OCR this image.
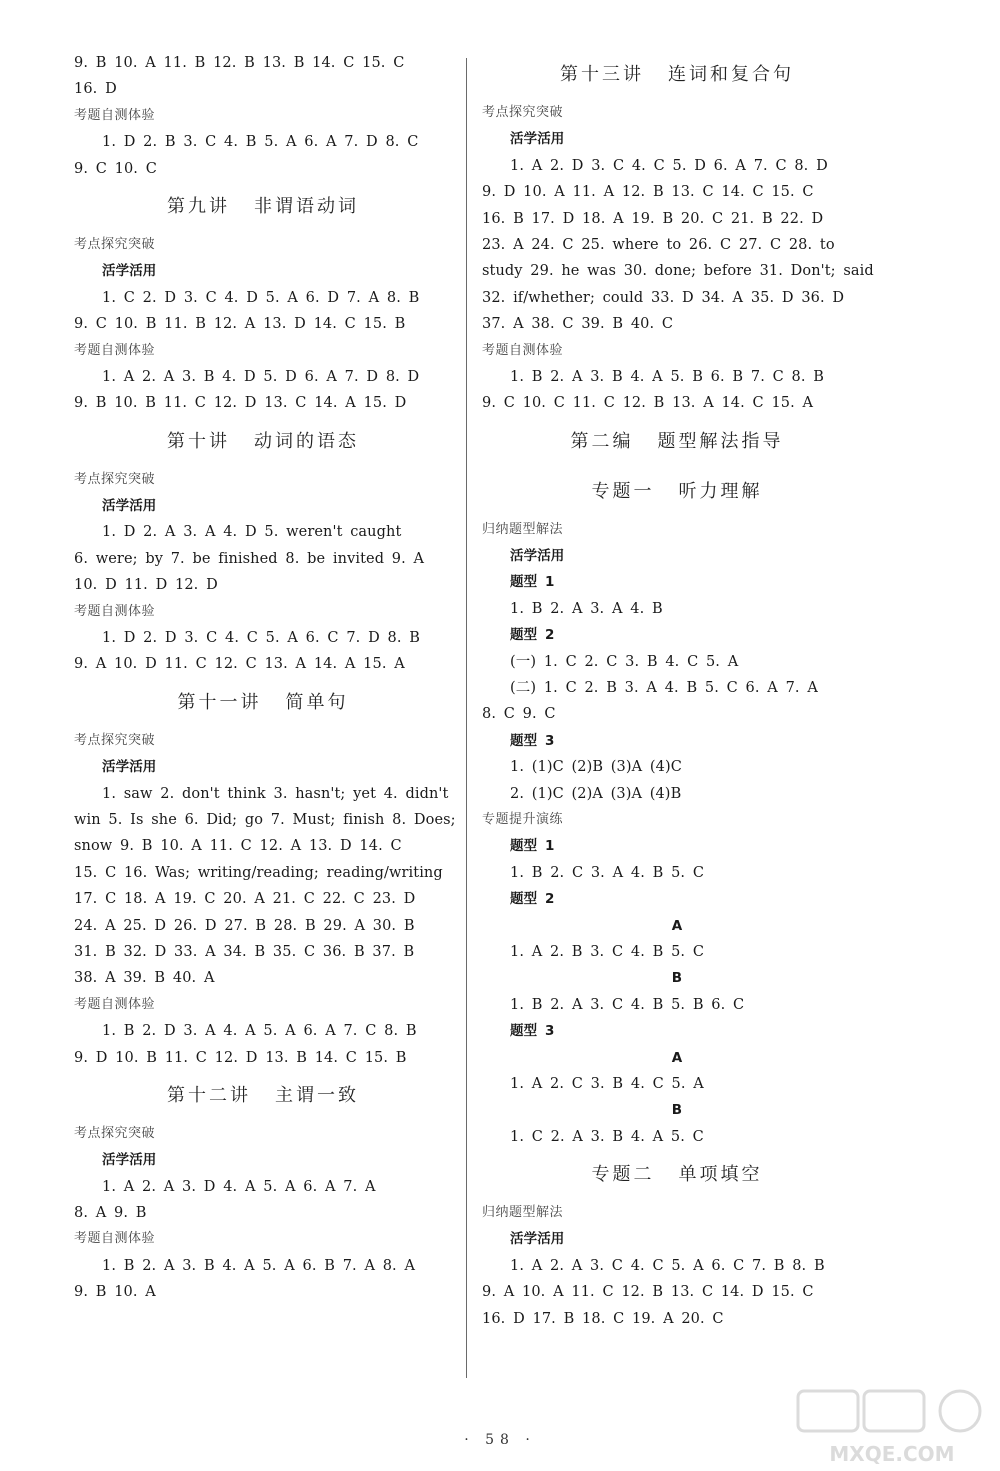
9. B 10. A 11. B 12. B 13. B 14. C 15. C
16. D
考题自测体验
1. D 2. B 3. C 4. B 5. A 6. A 7. D 8. C
9. C 10. C
第九讲 非谓语动词
考点探究突破
活学活用
1. C 2. D 3. C 4. D 5. A 6. D 7. A 8. B
9. C 10. B 11. B 12. A 13. D 14. C 15. B
考题自测体验
1. A 2. A 3. B 4. D 5. D 6. A 7. D 8. D
9. B 10. B 11. C 12. D 13. C 14. A 15. D
第十讲 动词的语态
考点探究突破
活学活用
1. D 2. A 3. A 4. D 5. weren't caught
6. were; by 7. be finished 8. be invited 9. A
10. D 11. D 12. D
考题自测体验
1. D 2. D 3. C 4. C 5. A 6. C 7. D 8. B
9. A 10. D 11. C 12. C 13. A 14. A 15. A
第十一讲 简单句
考点探究突破
活学活用
1. saw 2. don't think 3. hasn't; yet 4. didn't
win 5. Is she 6. Did; go 7. Must; finish 8. Does;
snow 9. B 10. A 11. C 12. A 13. D 14. C
15. C 16. Was; writing/reading; reading/writing
17. C 18. A 19. C 20. A 21. C 22. C 23. D
24. A 25. D 26. D 27. B 28. B 29. A 30. B
31. B 32. D 33. A 34. B 35. C 36. B 37. B
38. A 39. B 40. A
考题自测体验
1. B 2. D 3. A 4. A 5. A 6. A 7. C 8. B
9. D 10. B 11. C 12. D 13. B 14. C 15. B
第十二讲 主谓一致
考点探究突破
活学活用
1. A 2. A 3. D 4. A 5. A 6. A 7. A
8. A 9. B
考题自测体验
1. B 2. A 3. B 4. A 5. A 6. B 7. A 8. A
9. B 10. A
第十三讲 连词和复合句
考点探究突破
活学活用
1. A 2. D 3. C 4. C 5. D 6. A 7. C 8. D
9. D 10. A 11. A 12. B 13. C 14. C 15. C
16. B 17. D 18. A 19. B 20. C 21. B 22. D
23. A 24. C 25. where to 26. C 27. C 28. to
study 29. he was 30. done; before 31. Don't; said
32. if/whether; could 33. D 34. A 35. D 36. D
37. A 38. C 39. B 40. C
考题自测体验
1. B 2. A 3. B 4. A 5. B 6. B 7. C 8. B
9. C 10. C 11. C 12. B 13. A 14. C 15. A
第二编 题型解法指导
专题一 听力理解
归纳题型解法
活学活用
题型 1
1. B 2. A 3. A 4. B
题型 2
(一) 1. C 2. C 3. B 4. C 5. A
(二) 1. C 2. B 3. A 4. B 5. C 6. A 7. A
8. C 9. C
题型 3
1. (1)C (2)B (3)A (4)C
2. (1)C (2)A (3)A (4)B
专题提升演练
题型 1
1. B 2. C 3. A 4. B 5. C
题型 2
A
1. A 2. B 3. C 4. B 5. C
B
1. B 2. A 3. C 4. B 5. B 6. C
题型 3
A
1. A 2. C 3. B 4. C 5. A
B
1. C 2. A 3. B 4. A 5. C
专题二 单项填空
归纳题型解法
活学活用
1. A 2. A 3. C 4. C 5. A 6. C 7. B 8. B
9. A 10. A 11. C 12. B 13. C 14. D 15. C
16. D 17. B 18. C 19. A 20. C
· 58 ·
MXQE.COM
